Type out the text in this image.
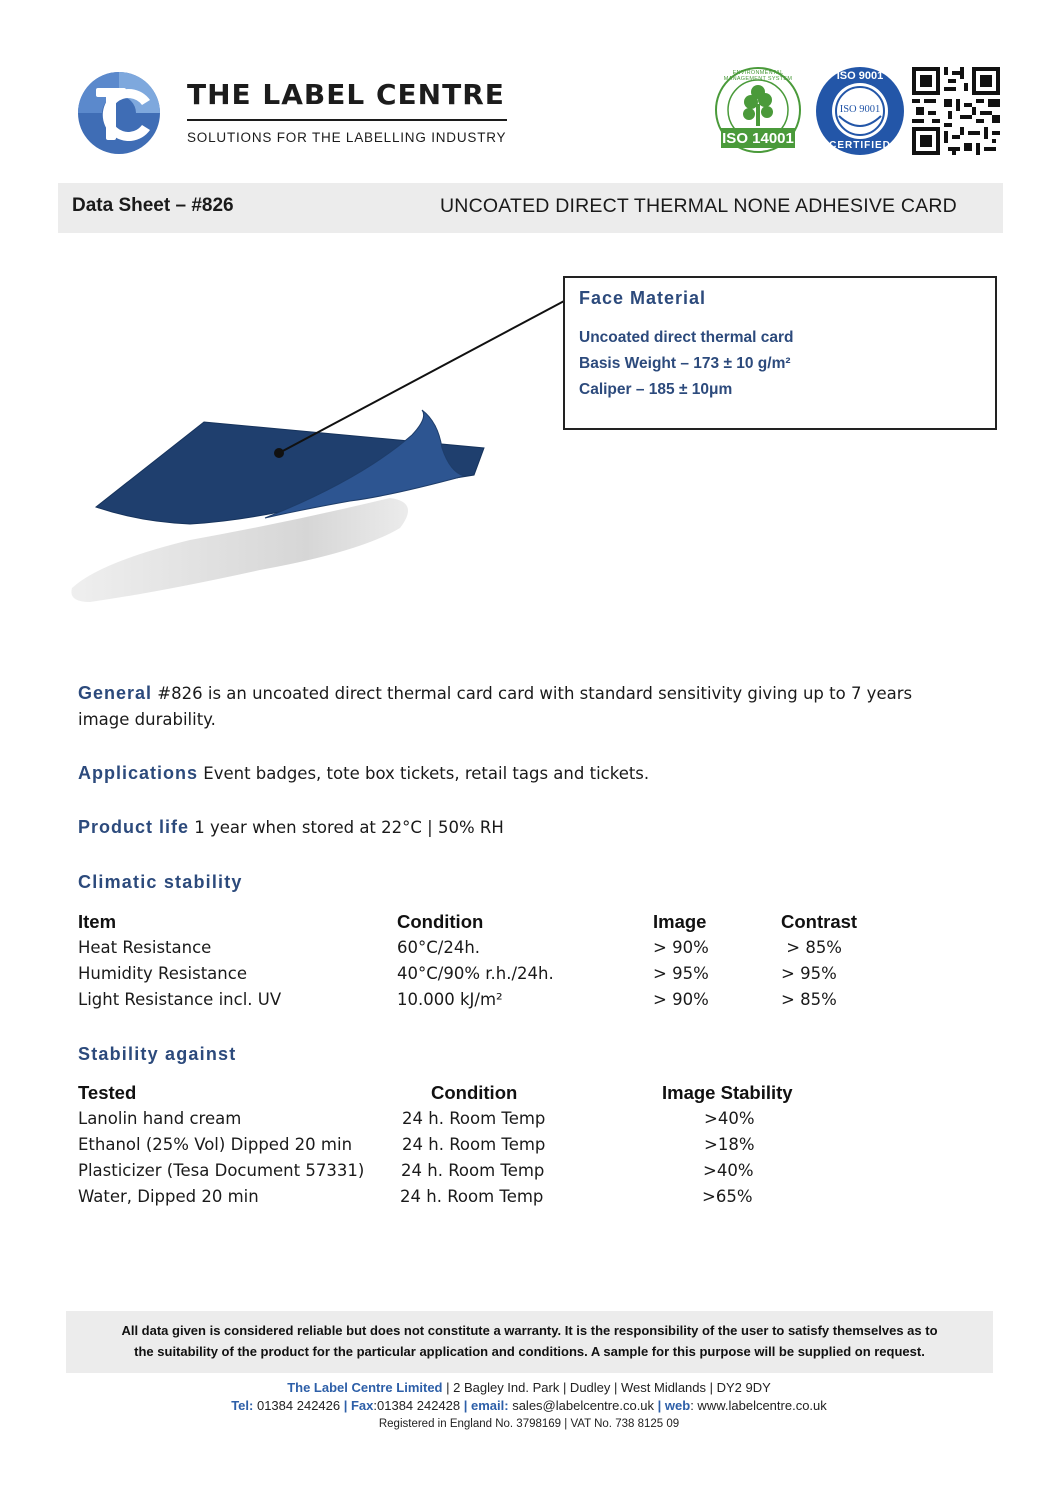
THE LABEL CENTRE
SOLUTIONS FOR THE LABELLING INDUSTRY	ISO 14001
ENVIRONMENTAL MANAGEMENT SYSTEM	ISO 9001
ISO 9001
CERTIFIED
Data Sheet – #826	UNCOATED DIRECT THERMAL NONE ADHESIVE CARD
Face Material
Uncoated direct thermal card
Basis Weight – 173 ± 10 g/m²
Caliper – 185 ± 10μm
General #826 is an uncoated direct thermal card card with standard sensitivity giving up to 7 years
image durability.
Applications Event badges, tote box tickets, retail tags and tickets.
Product life 1 year when stored at 22°C | 50% RH
Climatic stability
Item	Condition	Image	Contrast
Heat Resistance	60°C/24h.	> 90%	> 85%
Humidity Resistance	40°C/90% r.h./24h.	> 95%	> 95%
Light Resistance incl. UV	10.000 kJ/m²	> 90%	> 85%
Stability against
Tested	Condition	Image Stability
Lanolin hand cream	24 h. Room Temp	>40%
Ethanol (25% Vol) Dipped 20 min	24 h. Room Temp	>18%
Plasticizer (Tesa Document 57331) 24 h. Room Temp	>40%
Water, Dipped 20 min	24 h. Room Temp	>65%
All data given is considered reliable but does not constitute a warranty. It is the responsibility of the user to satisfy themselves as to
the suitability of the product for the particular application and conditions. A sample for this purpose will be supplied on request.
The Label Centre Limited | 2 Bagley Ind. Park | Dudley | West Midlands | DY2 9DY
Tel: 01384 242426 | Fax:01384 242428 | email: sales@labelcentre.co.uk | web: www.labelcentre.co.uk
Registered in England No. 3798169 | VAT No. 738 8125 09
